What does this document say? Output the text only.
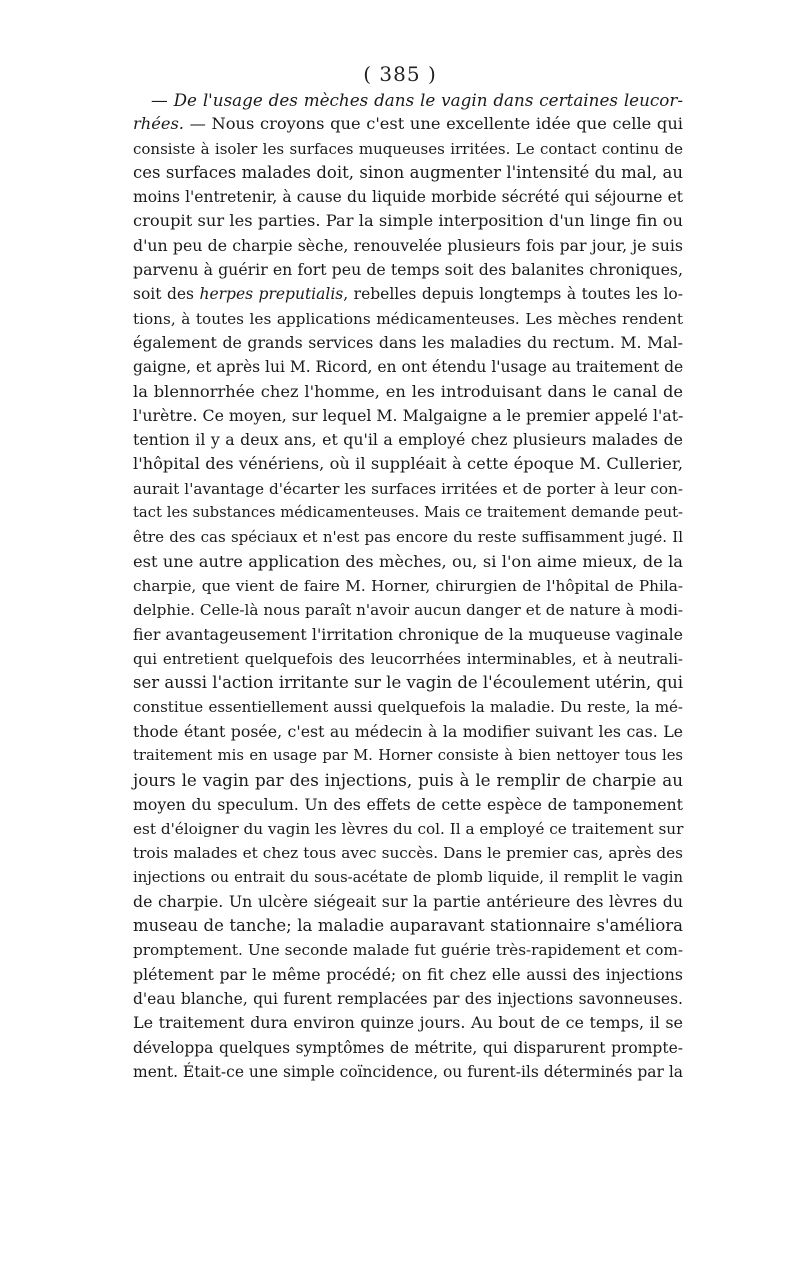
( 385 )
— De l'usage des mèches dans le vagin dans certaines leucor-
rhées. — Nous croyons que c'est une excellente idée que celle qui
consiste à isoler les surfaces muqueuses irritées. Le contact continu de
ces surfaces malades doit, sinon augmenter l'intensité du mal, au
moins l'entretenir, à cause du liquide morbide sécrété qui séjourne et
croupit sur les parties. Par la simple interposition d'un linge fin ou
d'un peu de charpie sèche, renouvelée plusieurs fois par jour, je suis
parvenu à guérir en fort peu de temps soit des balanites chroniques,
soit des herpes preputialis, rebelles depuis longtemps à toutes les lo-
tions, à toutes les applications médicamenteuses. Les mèches rendent
également de grands services dans les maladies du rectum. M. Mal-
gaigne, et après lui M. Ricord, en ont étendu l'usage au traitement de
la blennorrhée chez l'homme, en les introduisant dans le canal de
l'urètre. Ce moyen, sur lequel M. Malgaigne a le premier appelé l'at-
tention il y a deux ans, et qu'il a employé chez plusieurs malades de
l'hôpital des vénériens, où il suppléait à cette époque M. Cullerier,
aurait l'avantage d'écarter les surfaces irritées et de porter à leur con-
tact les substances médicamenteuses. Mais ce traitement demande peut-
être des cas spéciaux et n'est pas encore du reste suffisamment jugé. Il
est une autre application des mèches, ou, si l'on aime mieux, de la
charpie, que vient de faire M. Horner, chirurgien de l'hôpital de Phila-
delphie. Celle-là nous paraît n'avoir aucun danger et de nature à modi-
fier avantageusement l'irritation chronique de la muqueuse vaginale
qui entretient quelquefois des leucorrhées interminables, et à neutrali-
ser aussi l'action irritante sur le vagin de l'écoulement utérin, qui
constitue essentiellement aussi quelquefois la maladie. Du reste, la mé-
thode étant posée, c'est au médecin à la modifier suivant les cas. Le
traitement mis en usage par M. Horner consiste à bien nettoyer tous les
jours le vagin par des injections, puis à le remplir de charpie au
moyen du speculum. Un des effets de cette espèce de tamponement
est d'éloigner du vagin les lèvres du col. Il a employé ce traitement sur
trois malades et chez tous avec succès. Dans le premier cas, après des
injections ou entrait du sous-acétate de plomb liquide, il remplit le vagin
de charpie. Un ulcère siégeait sur la partie antérieure des lèvres du
museau de tanche; la maladie auparavant stationnaire s'améliora
promptement. Une seconde malade fut guérie très-rapidement et com-
plétement par le même procédé; on fit chez elle aussi des injections
d'eau blanche, qui furent remplacées par des injections savonneuses.
Le traitement dura environ quinze jours. Au bout de ce temps, il se
développa quelques symptômes de métrite, qui disparurent prompte-
ment. Était-ce une simple coïncidence, ou furent-ils déterminés par la
